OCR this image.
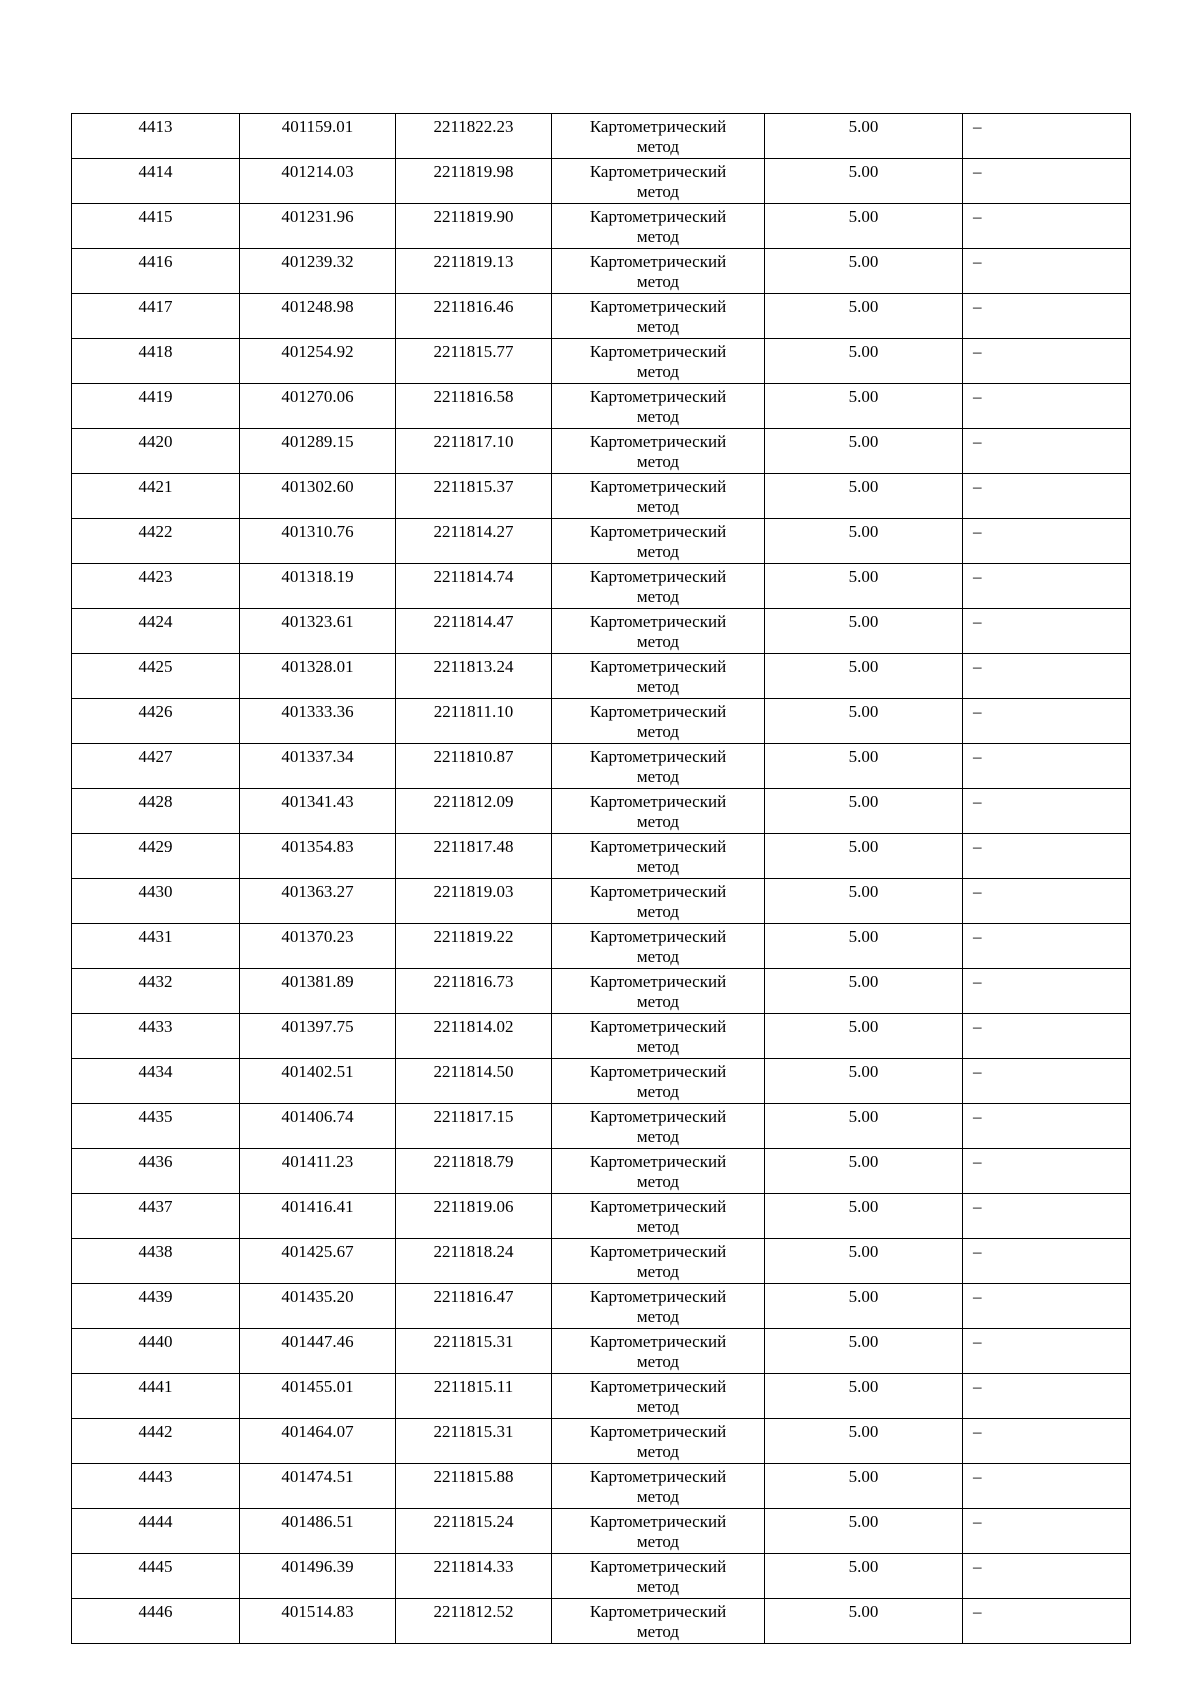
4413	401159.01	2211822.23	Картометрический метод	5.00	–
4414	401214.03	2211819.98	Картометрический метод	5.00	–
4415	401231.96	2211819.90	Картометрический метод	5.00	–
4416	401239.32	2211819.13	Картометрический метод	5.00	–
4417	401248.98	2211816.46	Картометрический метод	5.00	–
4418	401254.92	2211815.77	Картометрический метод	5.00	–
4419	401270.06	2211816.58	Картометрический метод	5.00	–
4420	401289.15	2211817.10	Картометрический метод	5.00	–
4421	401302.60	2211815.37	Картометрический метод	5.00	–
4422	401310.76	2211814.27	Картометрический метод	5.00	–
4423	401318.19	2211814.74	Картометрический метод	5.00	–
4424	401323.61	2211814.47	Картометрический метод	5.00	–
4425	401328.01	2211813.24	Картометрический метод	5.00	–
4426	401333.36	2211811.10	Картометрический метод	5.00	–
4427	401337.34	2211810.87	Картометрический метод	5.00	–
4428	401341.43	2211812.09	Картометрический метод	5.00	–
4429	401354.83	2211817.48	Картометрический метод	5.00	–
4430	401363.27	2211819.03	Картометрический метод	5.00	–
4431	401370.23	2211819.22	Картометрический метод	5.00	–
4432	401381.89	2211816.73	Картометрический метод	5.00	–
4433	401397.75	2211814.02	Картометрический метод	5.00	–
4434	401402.51	2211814.50	Картометрический метод	5.00	–
4435	401406.74	2211817.15	Картометрический метод	5.00	–
4436	401411.23	2211818.79	Картометрический метод	5.00	–
4437	401416.41	2211819.06	Картометрический метод	5.00	–
4438	401425.67	2211818.24	Картометрический метод	5.00	–
4439	401435.20	2211816.47	Картометрический метод	5.00	–
4440	401447.46	2211815.31	Картометрический метод	5.00	–
4441	401455.01	2211815.11	Картометрический метод	5.00	–
4442	401464.07	2211815.31	Картометрический метод	5.00	–
4443	401474.51	2211815.88	Картометрический метод	5.00	–
4444	401486.51	2211815.24	Картометрический метод	5.00	–
4445	401496.39	2211814.33	Картометрический метод	5.00	–
4446	401514.83	2211812.52	Картометрический метод	5.00	–
